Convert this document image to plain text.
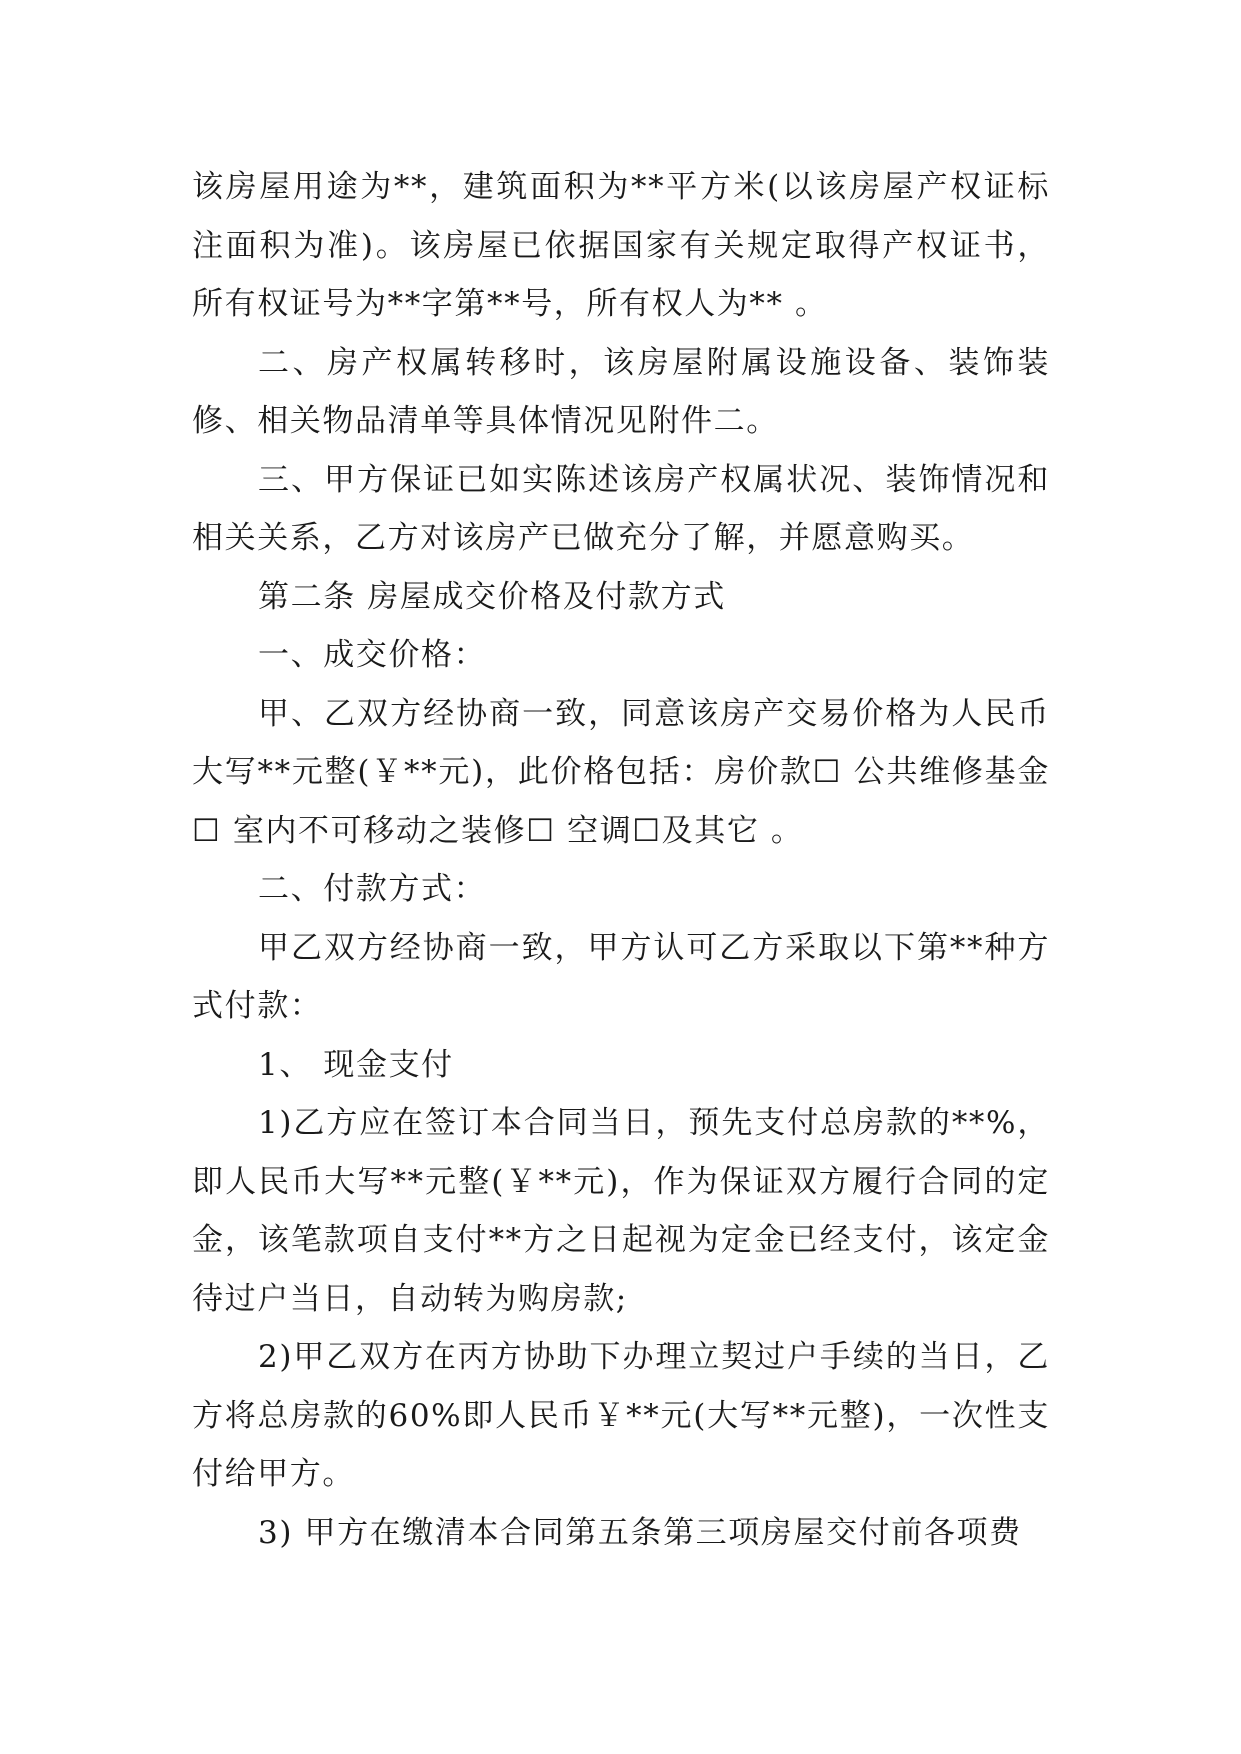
该房屋用途为**，建筑面积为**平方米(以该房屋产权证标注面积为准)。该房屋已依据国家有关规定取得产权证书，所有权证号为**字第**号，所有权人为** 。

二、房产权属转移时，该房屋附属设施设备、装饰装修、相关物品清单等具体情况见附件二。

三、甲方保证已如实陈述该房产权属状况、装饰情况和相关关系，乙方对该房产已做充分了解，并愿意购买。

第二条 房屋成交价格及付款方式

一、成交价格：

甲、乙双方经协商一致，同意该房产交易价格为人民币大写**元整(￥**元)，此价格包括：房价款☐ 公共维修基金☐ 室内不可移动之装修☐ 空调☐及其它 。

二、付款方式：

甲乙双方经协商一致，甲方认可乙方采取以下第**种方式付款：

1、 现金支付

1)乙方应在签订本合同当日，预先支付总房款的**%，即人民币大写**元整(￥**元)，作为保证双方履行合同的定金，该笔款项自支付**方之日起视为定金已经支付，该定金待过户当日，自动转为购房款;

2)甲乙双方在丙方协助下办理立契过户手续的当日，乙方将总房款的60%即人民币￥**元(大写**元整)，一次性支付给甲方。

3) 甲方在缴清本合同第五条第三项房屋交付前各项费
